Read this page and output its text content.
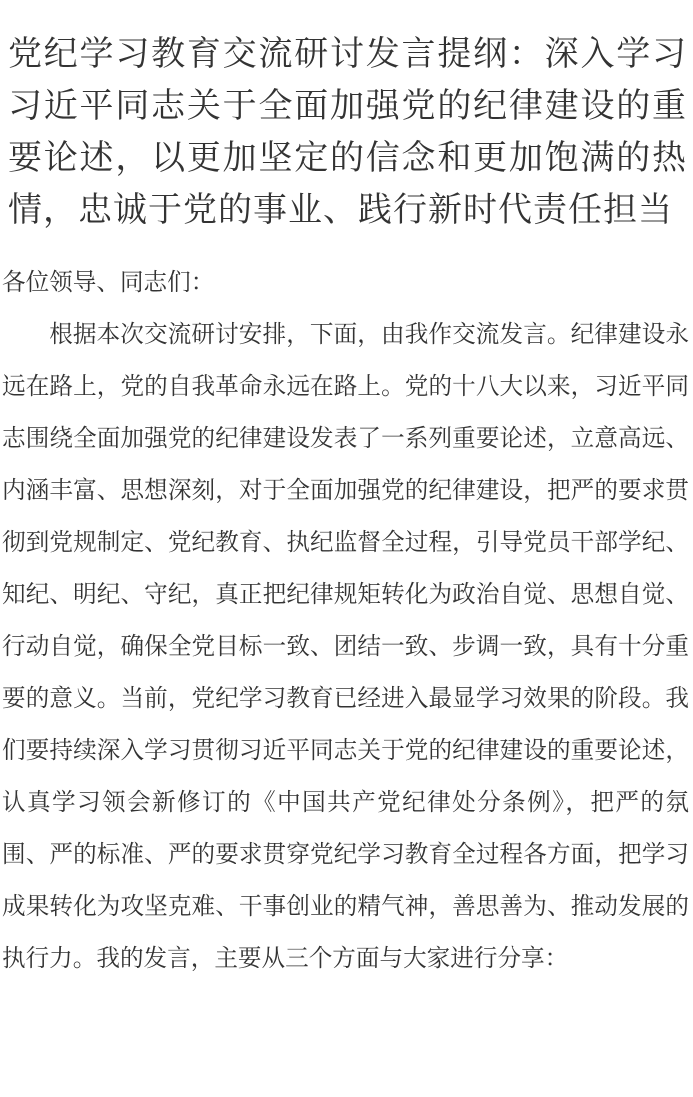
党纪学习教育交流研讨发言提纲：深入学习习近平同志关于全面加强党的纪律建设的重要论述，以更加坚定的信念和更加饱满的热情，忠诚于党的事业、践行新时代责任担当

各位领导、同志们：

根据本次交流研讨安排，下面，由我作交流发言。纪律建设永远在路上，党的自我革命永远在路上。党的十八大以来，习近平同志围绕全面加强党的纪律建设发表了一系列重要论述，立意高远、内涵丰富、思想深刻，对于全面加强党的纪律建设，把严的要求贯彻到党规制定、党纪教育、执纪监督全过程，引导党员干部学纪、知纪、明纪、守纪，真正把纪律规矩转化为政治自觉、思想自觉、行动自觉，确保全党目标一致、团结一致、步调一致，具有十分重要的意义。当前，党纪学习教育已经进入最显学习效果的阶段。我们要持续深入学习贯彻习近平同志关于党的纪律建设的重要论述，认真学习领会新修订的《中国共产党纪律处分条例》，把严的氛围、严的标准、严的要求贯穿党纪学习教育全过程各方面，把学习成果转化为攻坚克难、干事创业的精气神，善思善为、推动发展的执行力。我的发言，主要从三个方面与大家进行分享：
